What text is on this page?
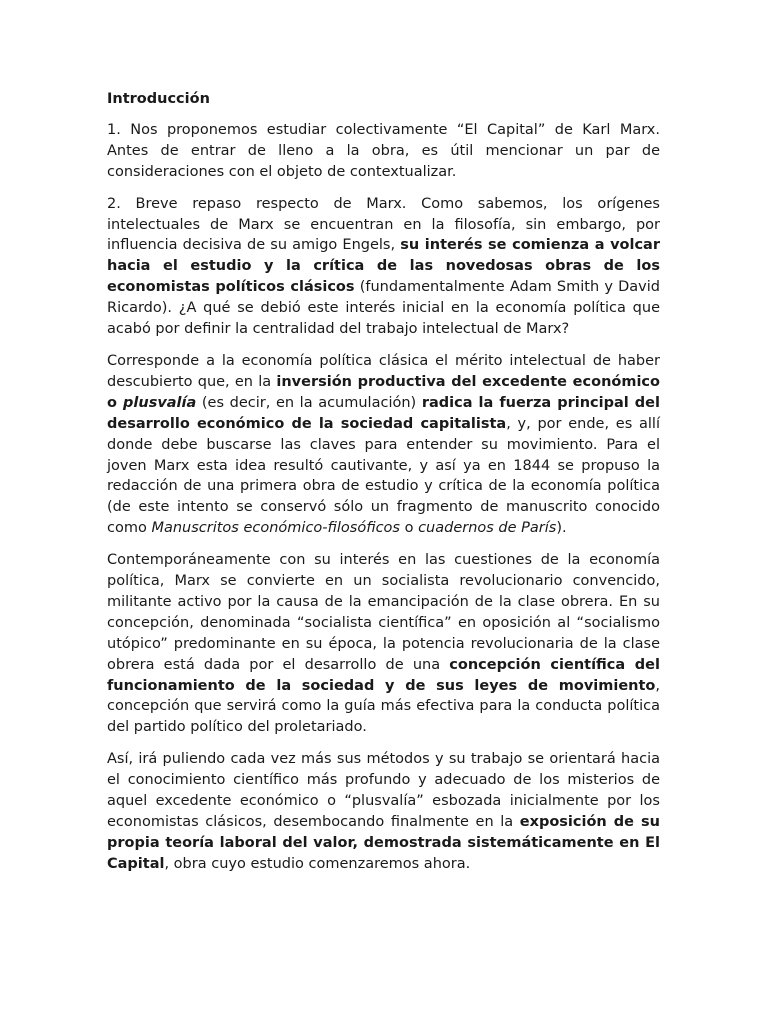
Introducción

1. Nos proponemos estudiar colectivamente “El Capital” de Karl Marx. Antes de entrar de lleno a la obra, es útil mencionar un par de consideraciones con el objeto de contextualizar.

2. Breve repaso respecto de Marx. Como sabemos, los orígenes intelectuales de Marx se encuentran en la filosofía, sin embargo, por influencia decisiva de su amigo Engels, su interés se comienza a volcar hacia el estudio y la crítica de las novedosas obras de los economistas políticos clásicos (fundamentalmente Adam Smith y David Ricardo). ¿A qué se debió este interés inicial en la economía política que acabó por definir la centralidad del trabajo intelectual de Marx?

Corresponde a la economía política clásica el mérito intelectual de haber descubierto que, en la inversión productiva del excedente económico o plusvalía (es decir, en la acumulación) radica la fuerza principal del desarrollo económico de la sociedad capitalista, y, por ende, es allí donde debe buscarse las claves para entender su movimiento. Para el joven Marx esta idea resultó cautivante, y así ya en 1844 se propuso la redacción de una primera obra de estudio y crítica de la economía política (de este intento se conservó sólo un fragmento de manuscrito conocido como Manuscritos económico-filosóficos o cuadernos de París).

Contemporáneamente con su interés en las cuestiones de la economía política, Marx se convierte en un socialista revolucionario convencido, militante activo por la causa de la emancipación de la clase obrera. En su concepción, denominada “socialista científica” en oposición al “socialismo utópico” predominante en su época, la potencia revolucionaria de la clase obrera está dada por el desarrollo de una concepción científica del funcionamiento de la sociedad y de sus leyes de movimiento, concepción que servirá como la guía más efectiva para la conducta política del partido político del proletariado.

Así, irá puliendo cada vez más sus métodos y su trabajo se orientará hacia el conocimiento científico más profundo y adecuado de los misterios de aquel excedente económico o “plusvalía” esbozada inicialmente por los economistas clásicos, desembocando finalmente en la exposición de su propia teoría laboral del valor, demostrada sistemáticamente en El Capital, obra cuyo estudio comenzaremos ahora.
